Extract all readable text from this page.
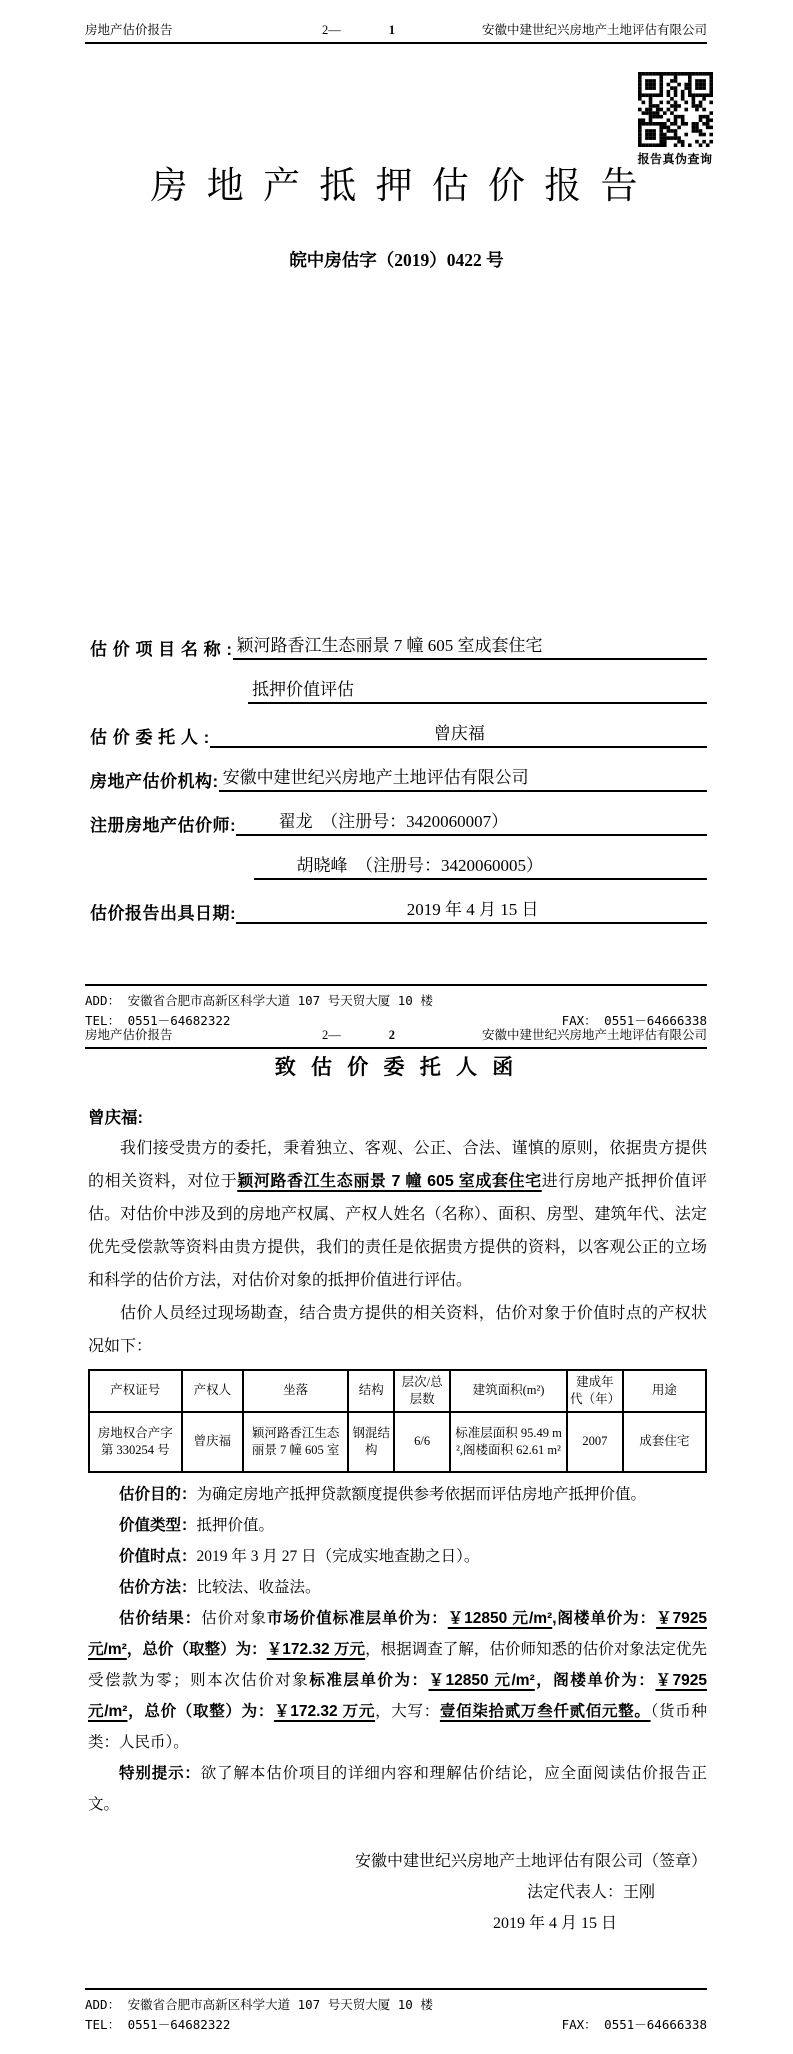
房地产估价报告	2—	1	安徽中建世纪兴房地产土地评估有限公司
报告真伪查询
房 地 产 抵 押 估 价 报 告
皖中房估字（2019）0422 号
估 价 项 目 名 称 : 颖河路香江生态丽景 7 幢 605 室成套住宅
抵押价值评估
估 价 委 托 人 :	曾庆福
房地产估价机构: 安徽中建世纪兴房地产土地评估有限公司
注册房地产估价师:	翟龙　（注册号：3420060007）
胡晓峰　（注册号：3420060005）
估价报告出具日期:	2019 年 4 月 15 日
ADD： 安徽省合肥市高新区科学大道 107 号天贸大厦 10 楼
TEL： 0551－64682322	FAX： 0551－64666338
房地产估价报告	2—	2	安徽中建世纪兴房地产土地评估有限公司
致 估 价 委 托 人 函
曾庆福:

我们接受贵方的委托，秉着独立、客观、公正、合法、谨慎的原则，依据贵方提供的相关资料，对位于颖河路香江生态丽景 7 幢 605 室成套住宅进行房地产抵押价值评估。对估价中涉及到的房地产权属、产权人姓名（名称）、面积、房型、建筑年代、法定优先受偿款等资料由贵方提供，我们的责任是依据贵方提供的资料，以客观公正的立场和科学的估价方法，对估价对象的抵押价值进行评估。

估价人员经过现场勘查，结合贵方提供的相关资料，估价对象于价值时点的产权状况如下：

产权证号	产权人	坐落	结构	层次/总层数	建筑面积(m²)	建成年代（年）	用途
房地权合产字第 330254 号	曾庆福	颖河路香江生态丽景 7 幢 605 室	钢混结构	6/6	标准层面积 95.49 m²,阁楼面积 62.61 m²	2007	成套住宅

估价目的：为确定房地产抵押贷款额度提供参考依据而评估房地产抵押价值。

价值类型：抵押价值。

价值时点：2019 年 3 月 27 日（完成实地查勘之日）。

估价方法：比较法、收益法。

估价结果：估价对象市场价值标准层单价为：￥12850 元/m²,阁楼单价为：￥7925 元/m²，总价（取整）为：￥172.32 万元，根据调查了解，估价师知悉的估价对象法定优先受偿款为零；则本次估价对象标准层单价为：￥12850 元/m²，阁楼单价为：￥7925 元/m²，总价（取整）为：￥172.32 万元，大写：壹佰柒拾贰万叁仟贰佰元整。（货币种类：人民币）。

特别提示：欲了解本估价项目的详细内容和理解估价结论，应全面阅读估价报告正文。

安徽中建世纪兴房地产土地评估有限公司（签章）
法定代表人：王刚
2019 年 4 月 15 日
ADD： 安徽省合肥市高新区科学大道 107 号天贸大厦 10 楼
TEL： 0551－64682322	FAX： 0551－64666338
